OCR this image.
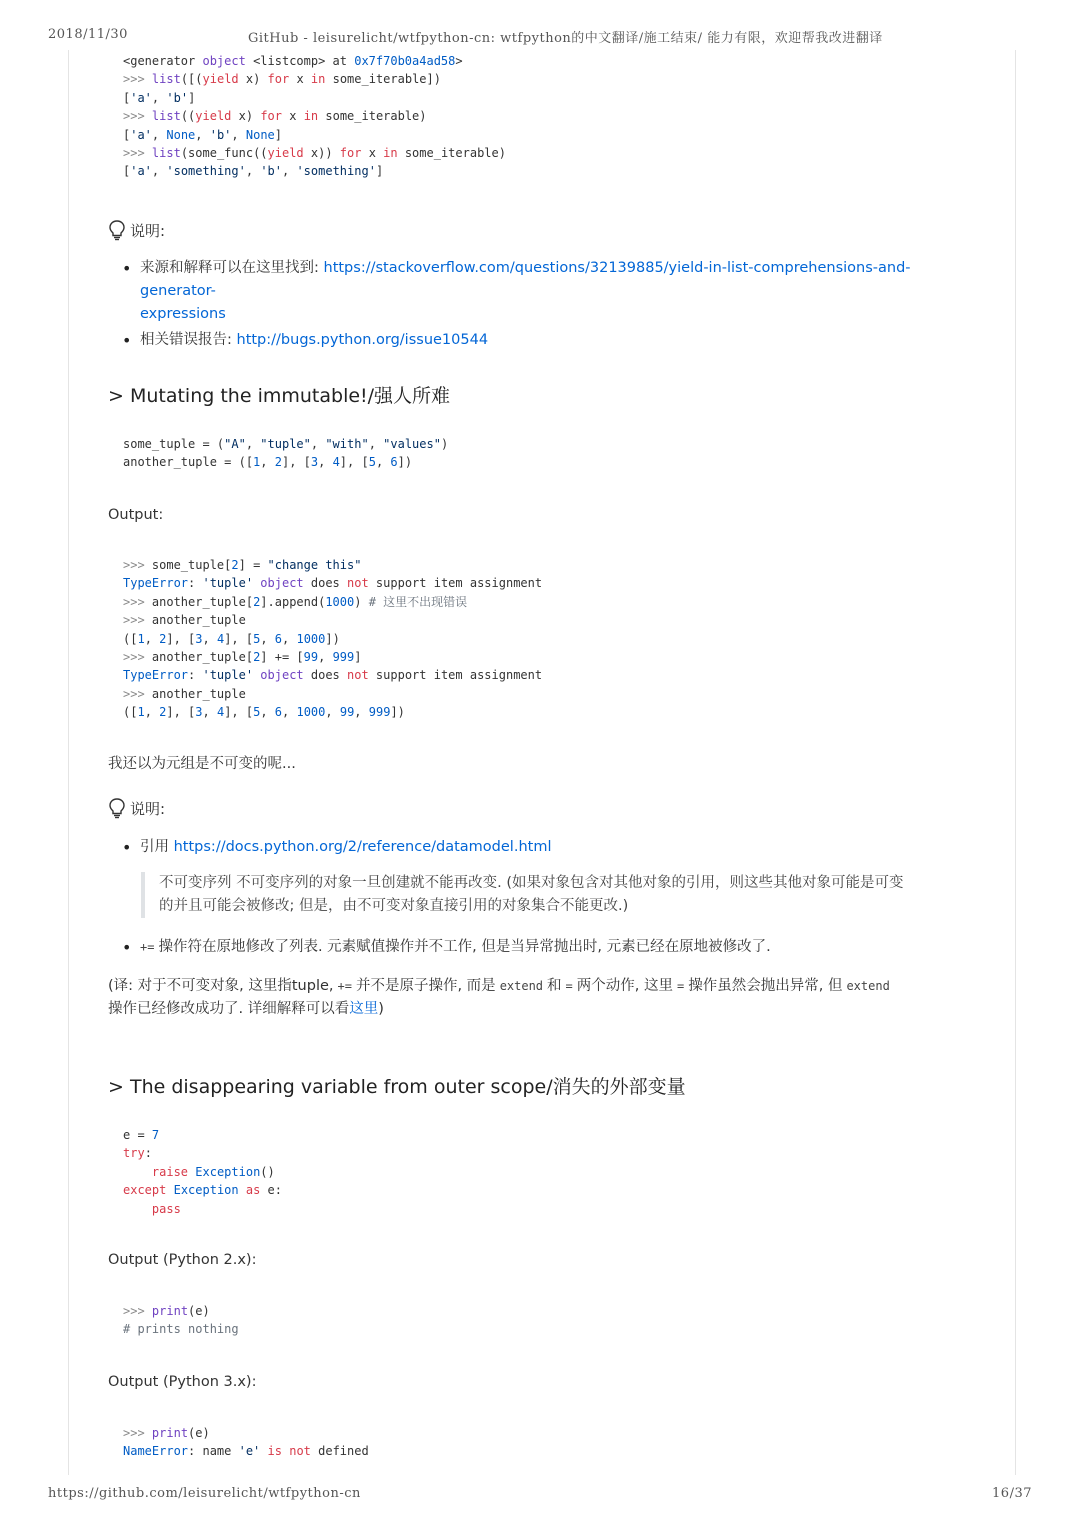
2018/11/30	GitHub - leisurelicht/wtfpython-cn: wtfpython的中文翻译/施工结束/ 能力有限，欢迎帮我改进翻译
https://github.com/leisurelicht/wtfpython-cn	16/37
<generator object <listcomp> at 0x7f70b0a4ad58>
>>> list([(yield x) for x in some_iterable])
['a', 'b']
>>> list((yield x) for x in some_iterable)
['a', None, 'b', None]
>>> list(some_func((yield x)) for x in some_iterable)
['a', 'something', 'b', 'something']
说明:
• 来源和解释可以在这里找到: https://stackoverflow.com/questions/32139885/yield-in-list-comprehensions-and-generator-
expressions
• 相关错误报告: http://bugs.python.org/issue10544
> Mutating the immutable!/强人所难
some_tuple = ("A", "tuple", "with", "values")
another_tuple = ([1, 2], [3, 4], [5, 6])
Output:
>>> some_tuple[2] = "change this"
TypeError: 'tuple' object does not support item assignment
>>> another_tuple[2].append(1000) # 这里不出现错误
>>> another_tuple
([1, 2], [3, 4], [5, 6, 1000])
>>> another_tuple[2] += [99, 999]
TypeError: 'tuple' object does not support item assignment
>>> another_tuple
([1, 2], [3, 4], [5, 6, 1000, 99, 999])
我还以为元组是不可变的呢...
说明:
• 引用 https://docs.python.org/2/reference/datamodel.html
不可变序列 不可变序列的对象一旦创建就不能再改变. (如果对象包含对其他对象的引用，则这些其他对象可能是可变
的并且可能会被修改; 但是，由不可变对象直接引用的对象集合不能更改.)
• += 操作符在原地修改了列表. 元素赋值操作并不工作, 但是当异常抛出时, 元素已经在原地被修改了.
(译: 对于不可变对象, 这里指tuple, += 并不是原子操作, 而是 extend 和 = 两个动作, 这里 = 操作虽然会抛出异常, 但 extend
操作已经修改成功了. 详细解释可以看这里)
> The disappearing variable from outer scope/消失的外部变量
e = 7
try:
raise Exception()
except Exception as e:
pass
Output (Python 2.x):
>>> print(e)
# prints nothing
Output (Python 3.x):
>>> print(e)
NameError: name 'e' is not defined
